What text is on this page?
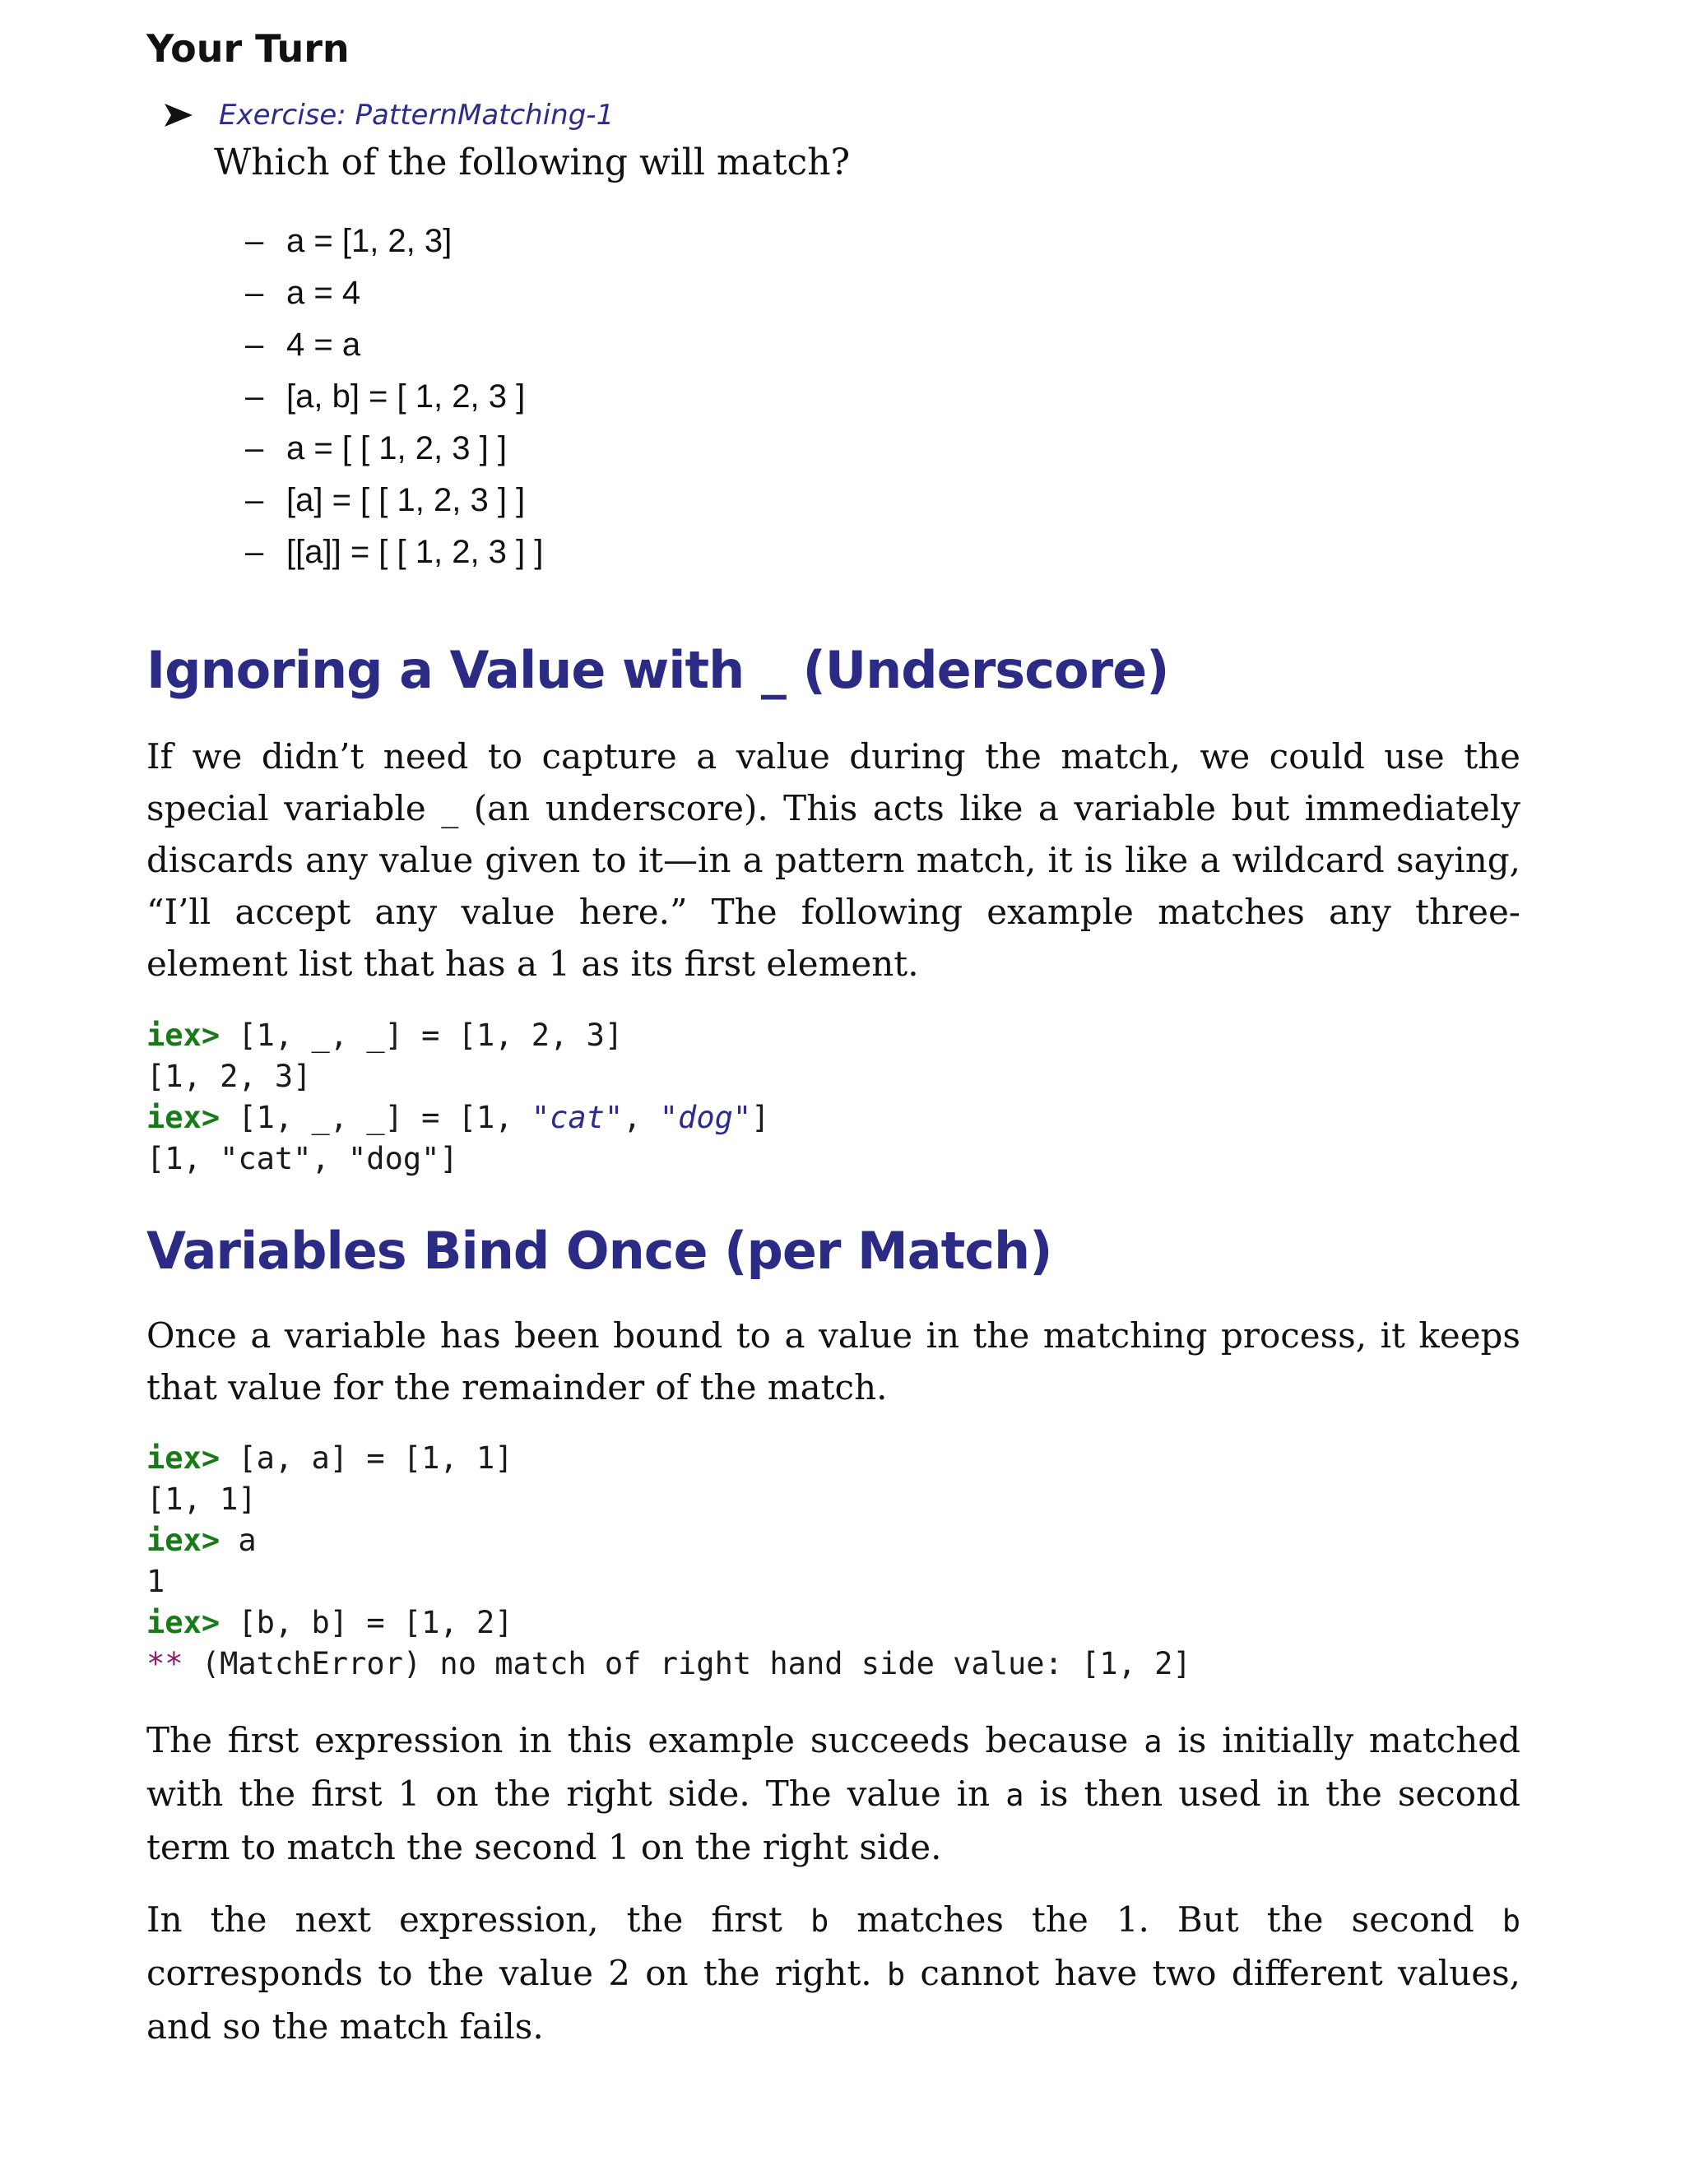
Your Turn
Exercise: PatternMatching-1
Which of the following will match?
– a = [1, 2, 3]
– a = 4
– 4 = a
– [a, b] = [ 1, 2, 3 ]
– a = [ [ 1, 2, 3 ] ]
– [a] = [ [ 1, 2, 3 ] ]
– [[a]] = [ [ 1, 2, 3 ] ]
Ignoring a Value with _ (Underscore)

If we didn’t need to capture a value during the match, we could use the special variable _ (an underscore). This acts like a variable but immediately discards any value given to it—in a pattern match, it is like a wildcard saying, “I’ll accept any value here.” The following example matches any three-element list that has a 1 as its first element.

iex> [1, _, _] = [1, 2, 3]
[1, 2, 3]
iex> [1, _, _] = [1, "cat", "dog"]
[1, "cat", "dog"]
Variables Bind Once (per Match)

Once a variable has been bound to a value in the matching process, it keeps that value for the remainder of the match.

iex> [a, a] = [1, 1]
[1, 1]
iex> a
1
iex> [b, b] = [1, 2]
** (MatchError) no match of right hand side value: [1, 2]

The first expression in this example succeeds because a is initially matched with the first 1 on the right side. The value in a is then used in the second term to match the second 1 on the right side.

In the next expression, the first b matches the 1. But the second b corresponds to the value 2 on the right. b cannot have two different values, and so the match fails.
